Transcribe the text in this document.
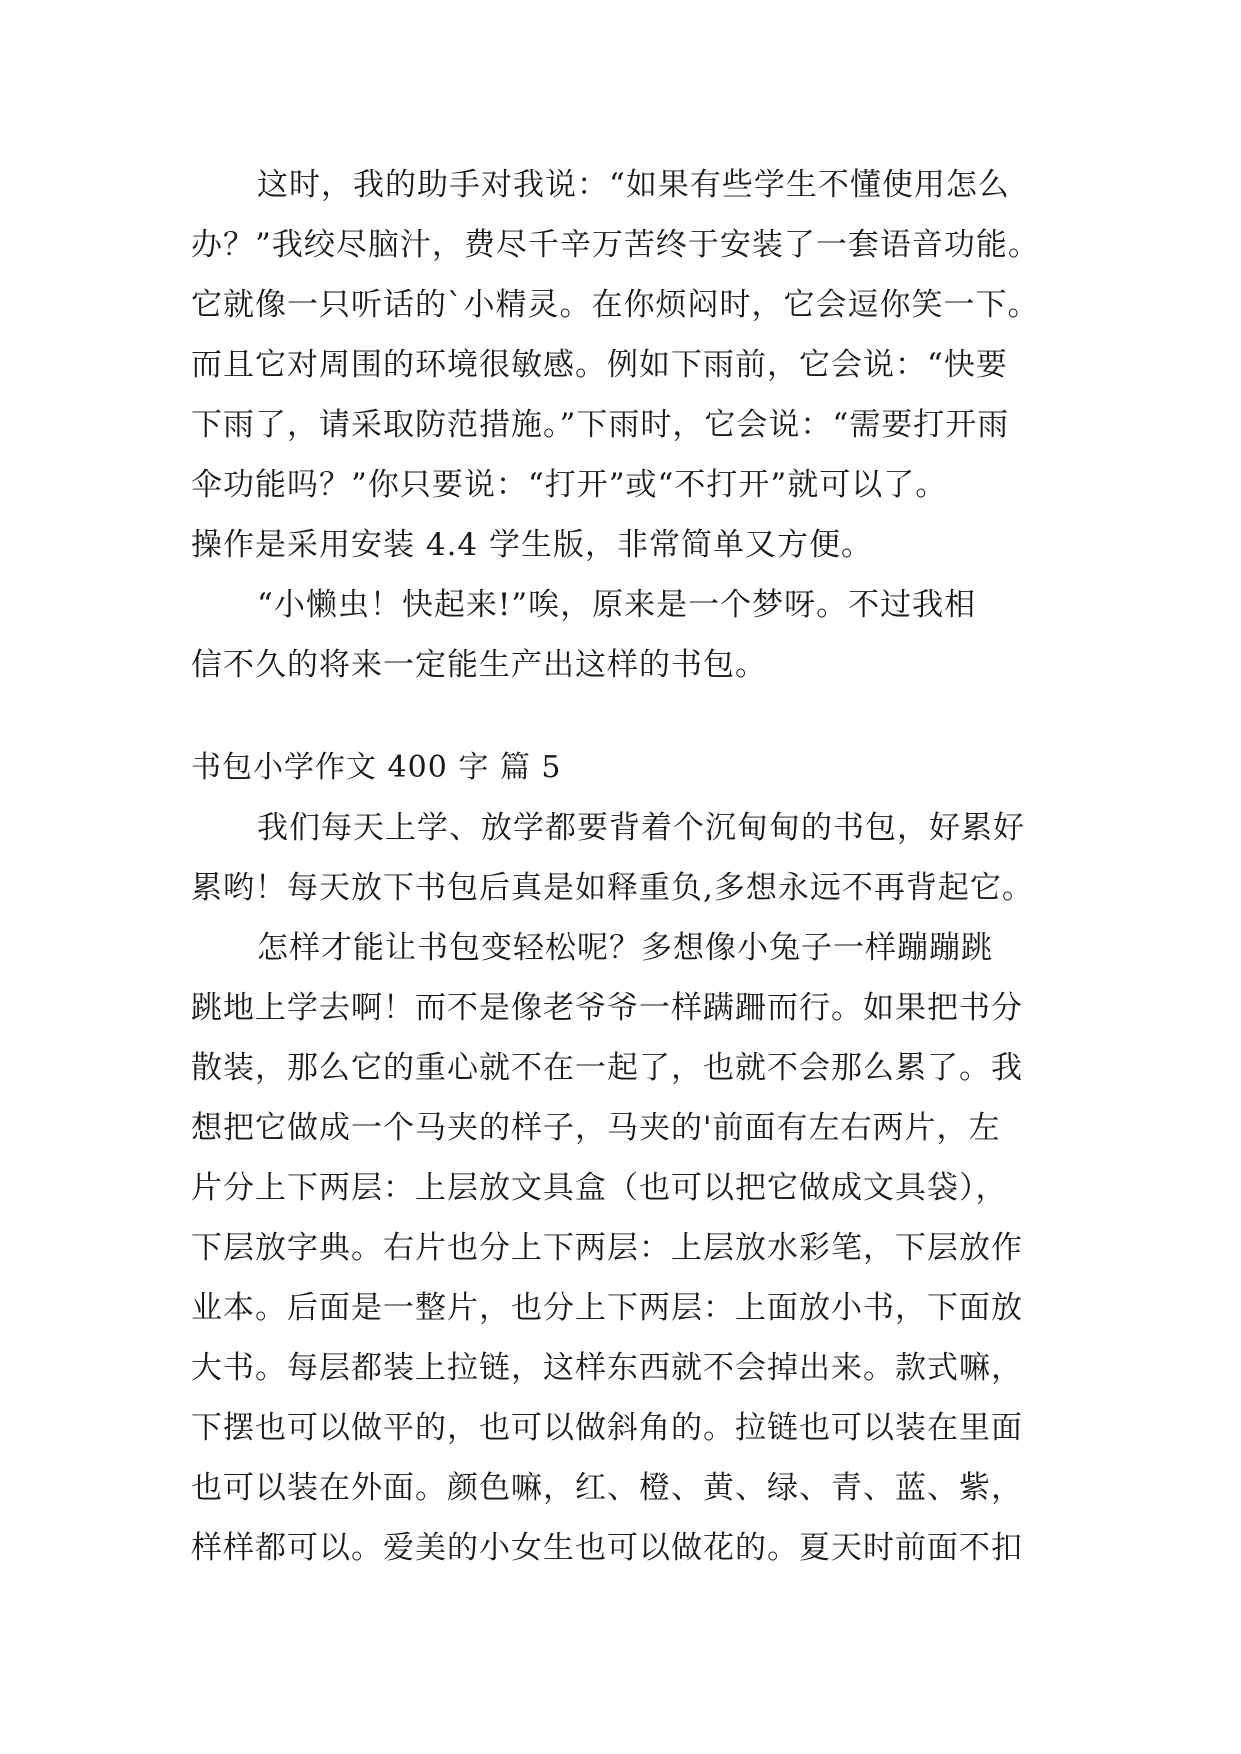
这时，我的助手对我说：“如果有些学生不懂使用怎么
办？”我绞尽脑汁，费尽千辛万苦终于安装了一套语音功能。
它就像一只听话的`小精灵。在你烦闷时，它会逗你笑一下。
而且它对周围的环境很敏感。例如下雨前，它会说：“快要
下雨了，请采取防范措施。”下雨时，它会说：“需要打开雨
伞功能吗？”你只要说：“打开”或“不打开”就可以了。
操作是采用安装 4.4 学生版，非常简单又方便。
“小懒虫！快起来!”唉，原来是一个梦呀。不过我相
信不久的将来一定能生产出这样的书包。
书包小学作文 400 字 篇 5
我们每天上学、放学都要背着个沉甸甸的书包，好累好
累哟！每天放下书包后真是如释重负,多想永远不再背起它。
怎样才能让书包变轻松呢？多想像小兔子一样蹦蹦跳
跳地上学去啊！而不是像老爷爷一样蹒跚而行。如果把书分
散装，那么它的重心就不在一起了，也就不会那么累了。我
想把它做成一个马夹的样子，马夹的'前面有左右两片，左
片分上下两层：上层放文具盒（也可以把它做成文具袋），
下层放字典。右片也分上下两层：上层放水彩笔，下层放作
业本。后面是一整片，也分上下两层：上面放小书，下面放
大书。每层都装上拉链，这样东西就不会掉出来。款式嘛，
下摆也可以做平的，也可以做斜角的。拉链也可以装在里面
也可以装在外面。颜色嘛，红、橙、黄、绿、青、蓝、紫，
样样都可以。爱美的小女生也可以做花的。夏天时前面不扣
